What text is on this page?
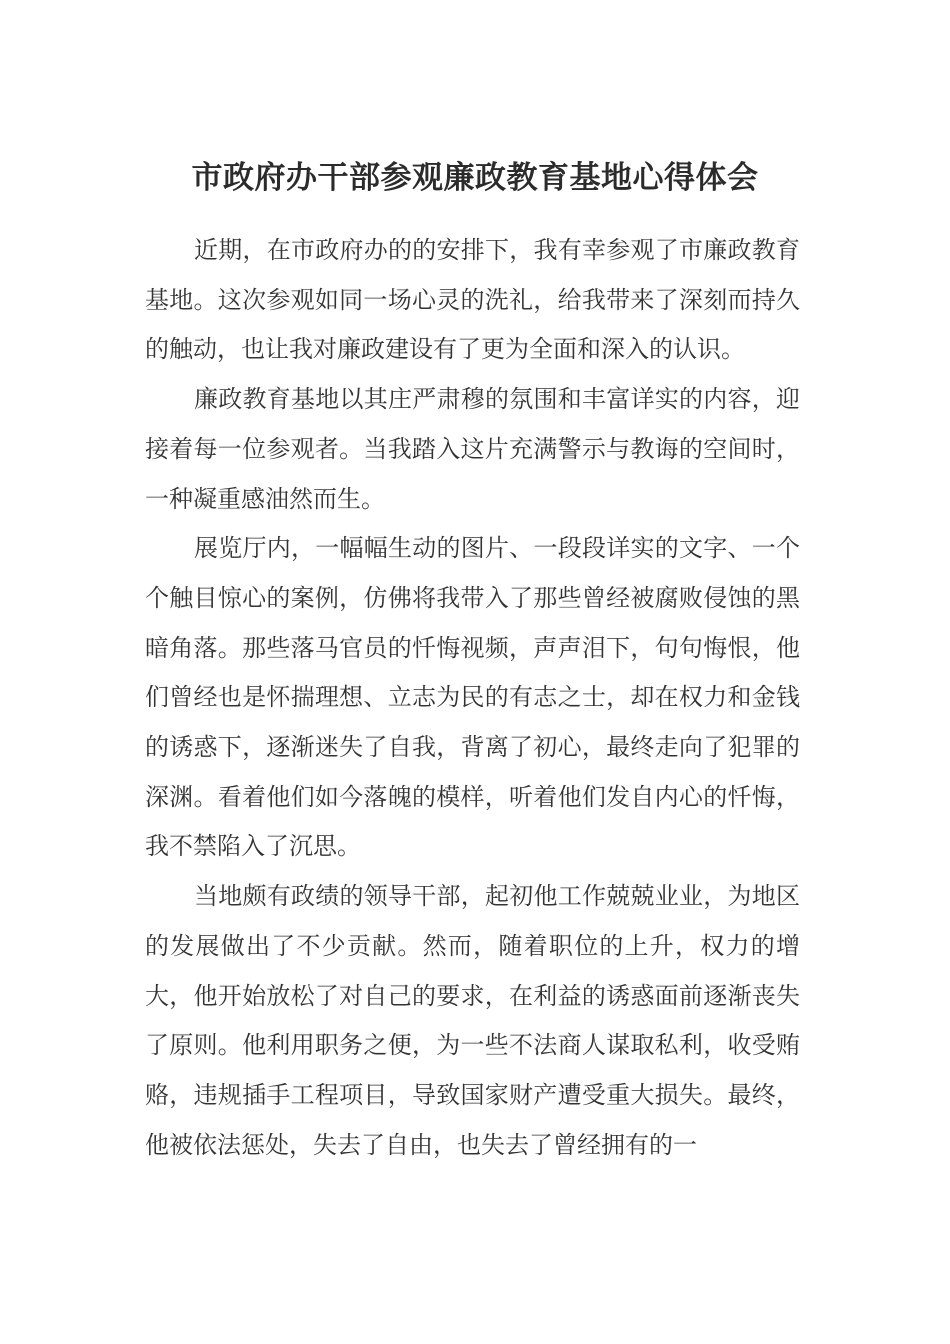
市政府办干部参观廉政教育基地心得体会

近期，在市政府办的的安排下，我有幸参观了市廉政教育基地。这次参观如同一场心灵的洗礼，给我带来了深刻而持久的触动，也让我对廉政建设有了更为全面和深入的认识。

廉政教育基地以其庄严肃穆的氛围和丰富详实的内容，迎接着每一位参观者。当我踏入这片充满警示与教诲的空间时，一种凝重感油然而生。

展览厅内，一幅幅生动的图片、一段段详实的文字、一个个触目惊心的案例，仿佛将我带入了那些曾经被腐败侵蚀的黑暗角落。那些落马官员的忏悔视频，声声泪下，句句悔恨，他们曾经也是怀揣理想、立志为民的有志之士，却在权力和金钱的诱惑下，逐渐迷失了自我，背离了初心，最终走向了犯罪的深渊。看着他们如今落魄的模样，听着他们发自内心的忏悔，我不禁陷入了沉思。

当地颇有政绩的领导干部，起初他工作兢兢业业，为地区的发展做出了不少贡献。然而，随着职位的上升，权力的增大，他开始放松了对自己的要求，在利益的诱惑面前逐渐丧失了原则。他利用职务之便，为一些不法商人谋取私利，收受贿赂，违规插手工程项目，导致国家财产遭受重大损失。最终，他被依法惩处，失去了自由，也失去了曾经拥有的一
